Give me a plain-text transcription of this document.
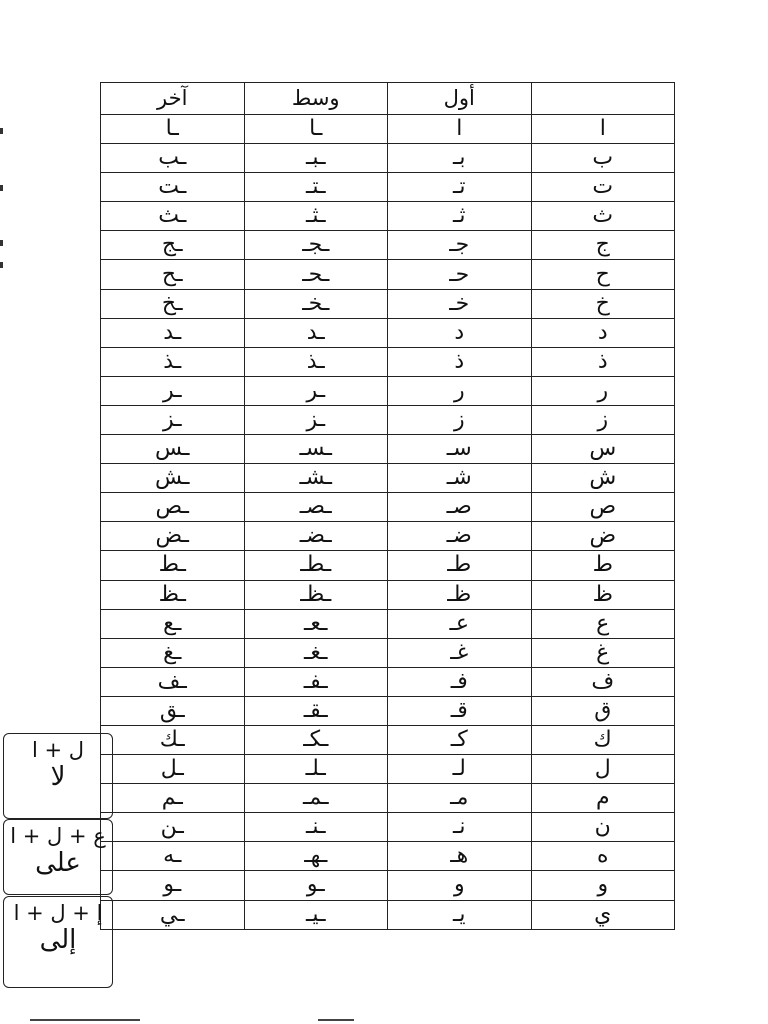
	أول	وسط	آخر
ا	ا	ـا	ـا
ب	بـ	ـبـ	ـب
ت	تـ	ـتـ	ـت
ث	ثـ	ـثـ	ـث
ج	جـ	ـجـ	ـج
ح	حـ	ـحـ	ـح
خ	خـ	ـخـ	ـخ
د	د	ـد	ـد
ذ	ذ	ـذ	ـذ
ر	ر	ـر	ـر
ز	ز	ـز	ـز
س	سـ	ـسـ	ـس
ش	شـ	ـشـ	ـش
ص	صـ	ـصـ	ـص
ض	ضـ	ـضـ	ـض
ط	طـ	ـطـ	ـط
ظ	ظـ	ـظـ	ـظ
ع	عـ	ـعـ	ـع
غ	غـ	ـغـ	ـغ
ف	فـ	ـفـ	ـف
ق	قـ	ـقـ	ـق
ك	كـ	ـكـ	ـك
ل	لـ	ـلـ	ـل
م	مـ	ـمـ	ـم
ن	نـ	ـنـ	ـن
ه	هـ	ـهـ	ـه
و	و	ـو	ـو
ي	يـ	ـيـ	ـي
ل + ا
لا
ع + ل + ا
على
إ + ل + ا
إلى
